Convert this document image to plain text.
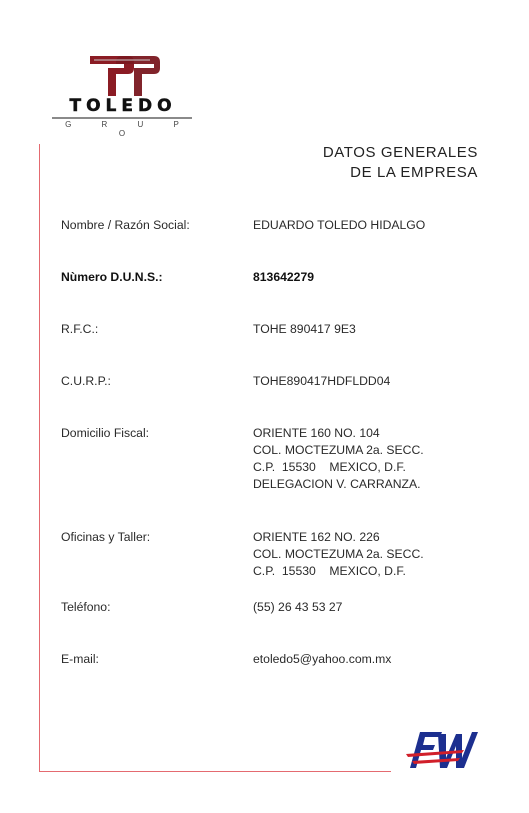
TOLEDO
G R U P O
DATOS GENERALES
DE LA EMPRESA
Nombre / Razón Social:	EDUARDO TOLEDO HIDALGO
Nùmero D.U.N.S.:	813642279
R.F.C.:	TOHE 890417 9E3
C.U.R.P.:	TOHE890417HDFLDD04
Domicilio Fiscal:	ORIENTE 160 NO. 104
COL. MOCTEZUMA 2a. SECC.
C.P.  15530    MEXICO, D.F.
DELEGACION V. CARRANZA.
Oficinas y Taller:	ORIENTE 162 NO. 226
COL. MOCTEZUMA 2a. SECC.
C.P.  15530    MEXICO, D.F.
Teléfono:	(55) 26 43 53 27
E-mail:	etoledo5@yahoo.com.mx
